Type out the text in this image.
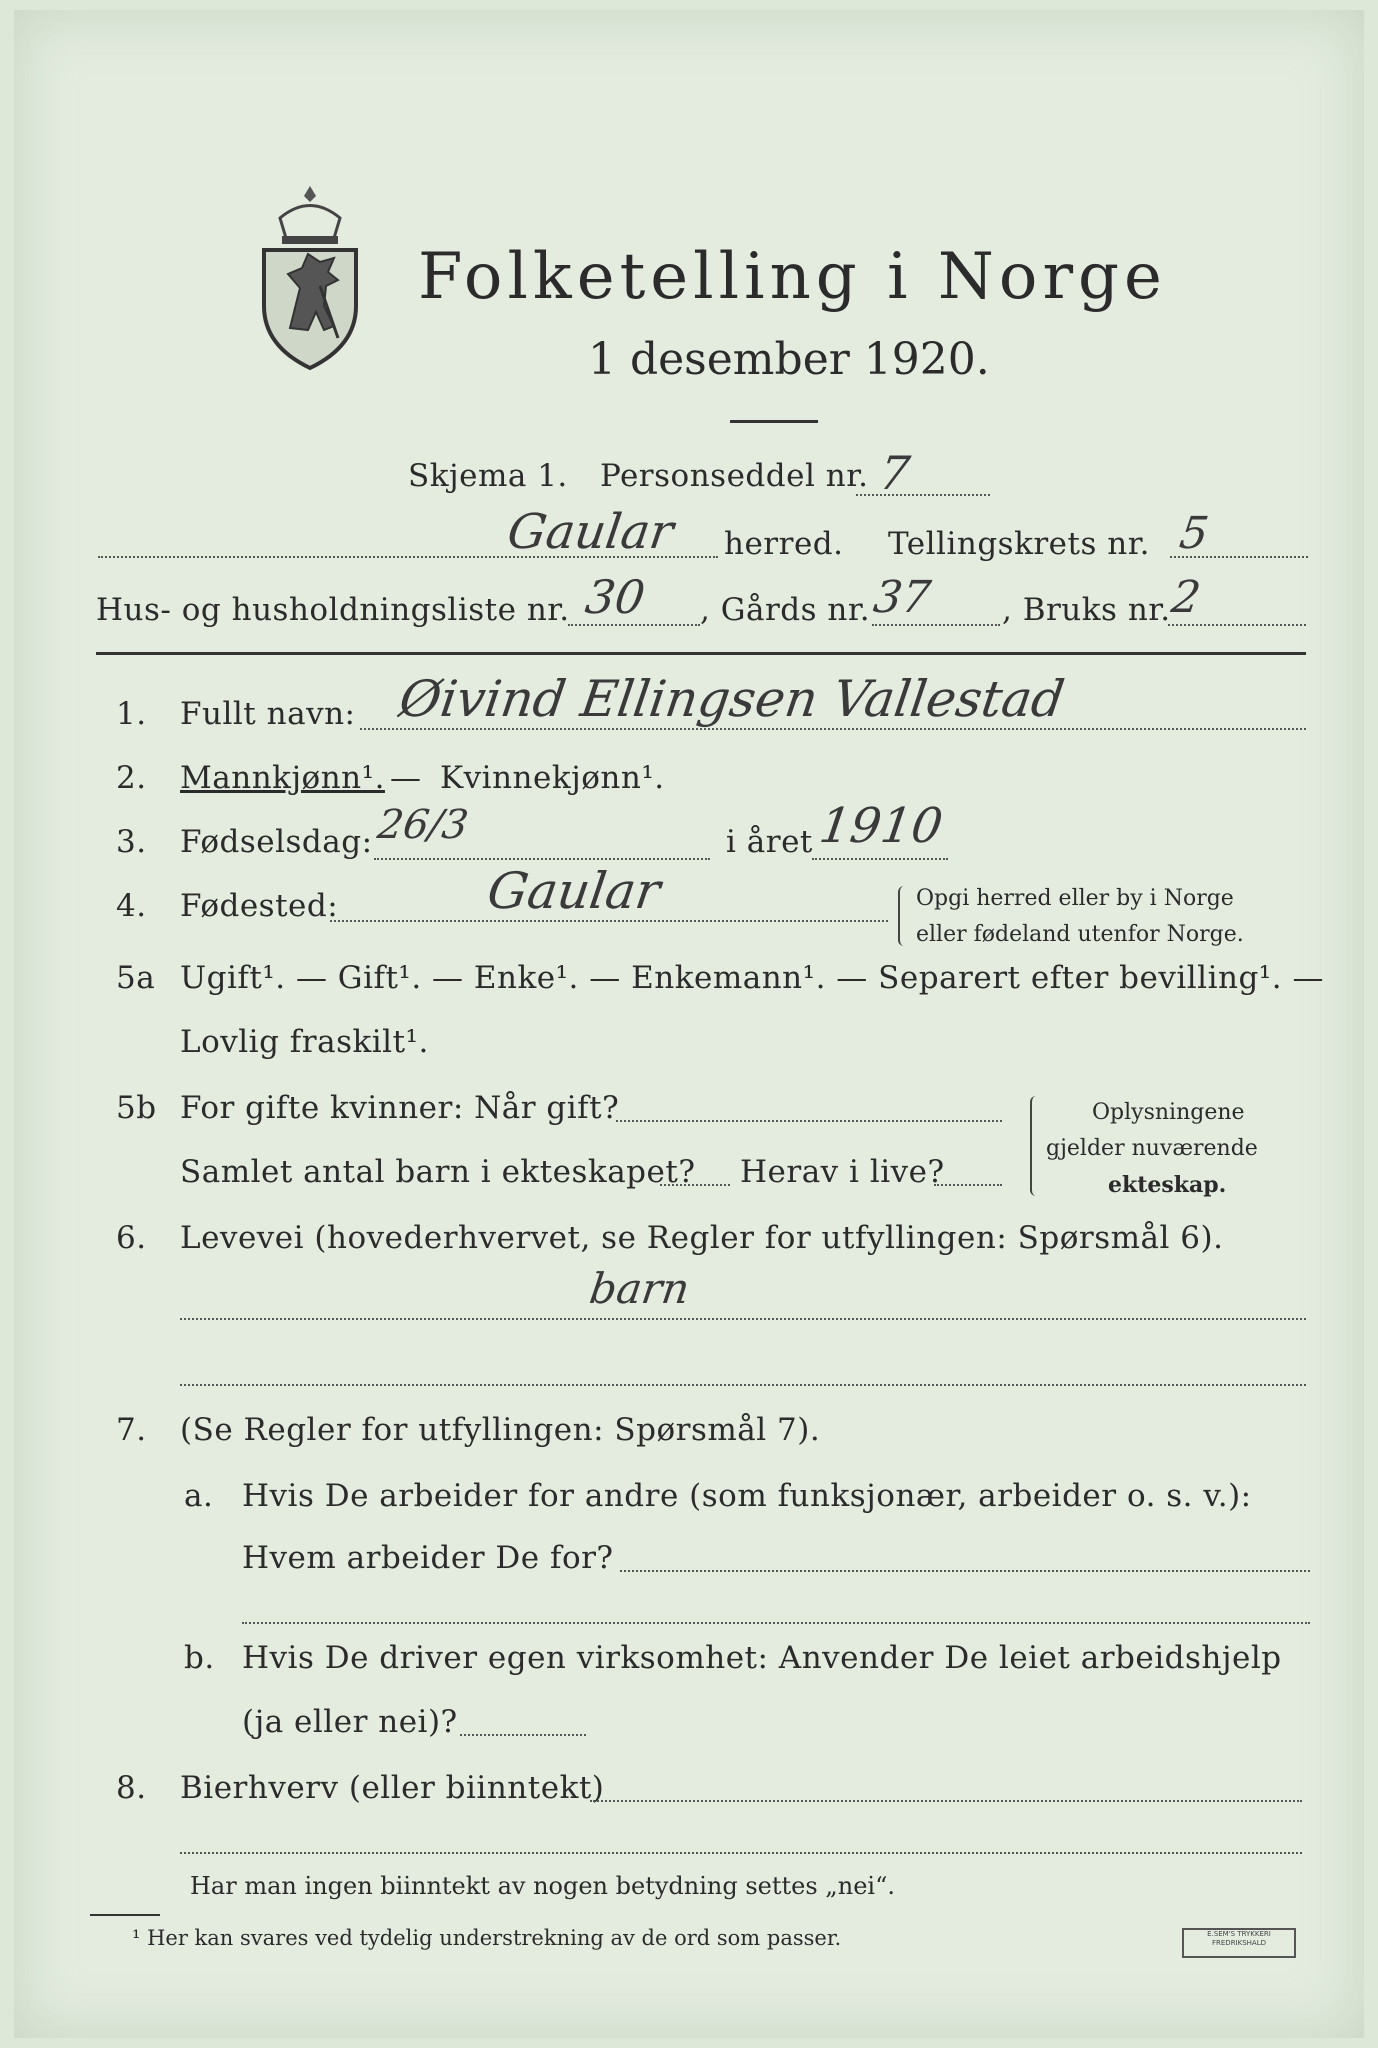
Folketelling i Norge
1 desember 1920.
Skjema 1. Personseddel nr. 7
Gaular herred. Tellingskrets nr. 5
Hus- og husholdningsliste nr. 30 , Gårds nr. 37 , Bruks nr.
2
1. Fullt navn: Øivind Ellingsen Vallestad
2. Mannkjønn¹. — Kvinnekjønn¹.
3. Fødselsdag: 26/3	i året 1910
4. Fødested:	Gaular	Opgi herred eller by i Norge
eller fødeland utenfor Norge.
5a Ugift¹. — Gift¹. — Enke¹. — Enkemann¹. — Separert efter bevilling¹. —
Lovlig fraskilt¹.
5b For gifte kvinner: Når gift?
Samlet antal barn i ekteskapet? Herav i live?
Oplysningene
gjelder nuværende
ekteskap.
6. Levevei (hovederhvervet, se Regler for utfyllingen: Spørsmål 6).
barn
7. (Se Regler for utfyllingen: Spørsmål 7).
a. Hvis De arbeider for andre (som funksjonær, arbeider o. s. v.):
Hvem arbeider De for?
b. Hvis De driver egen virksomhet: Anvender De leiet arbeidshjelp
(ja eller nei)?
8. Bierhverv (eller biinntekt)
Har man ingen biinntekt av nogen betydning settes „nei“.
¹ Her kan svares ved tydelig understrekning av de ord som passer.	E.SEM'S TRYKKERI
FREDRIKSHALD
